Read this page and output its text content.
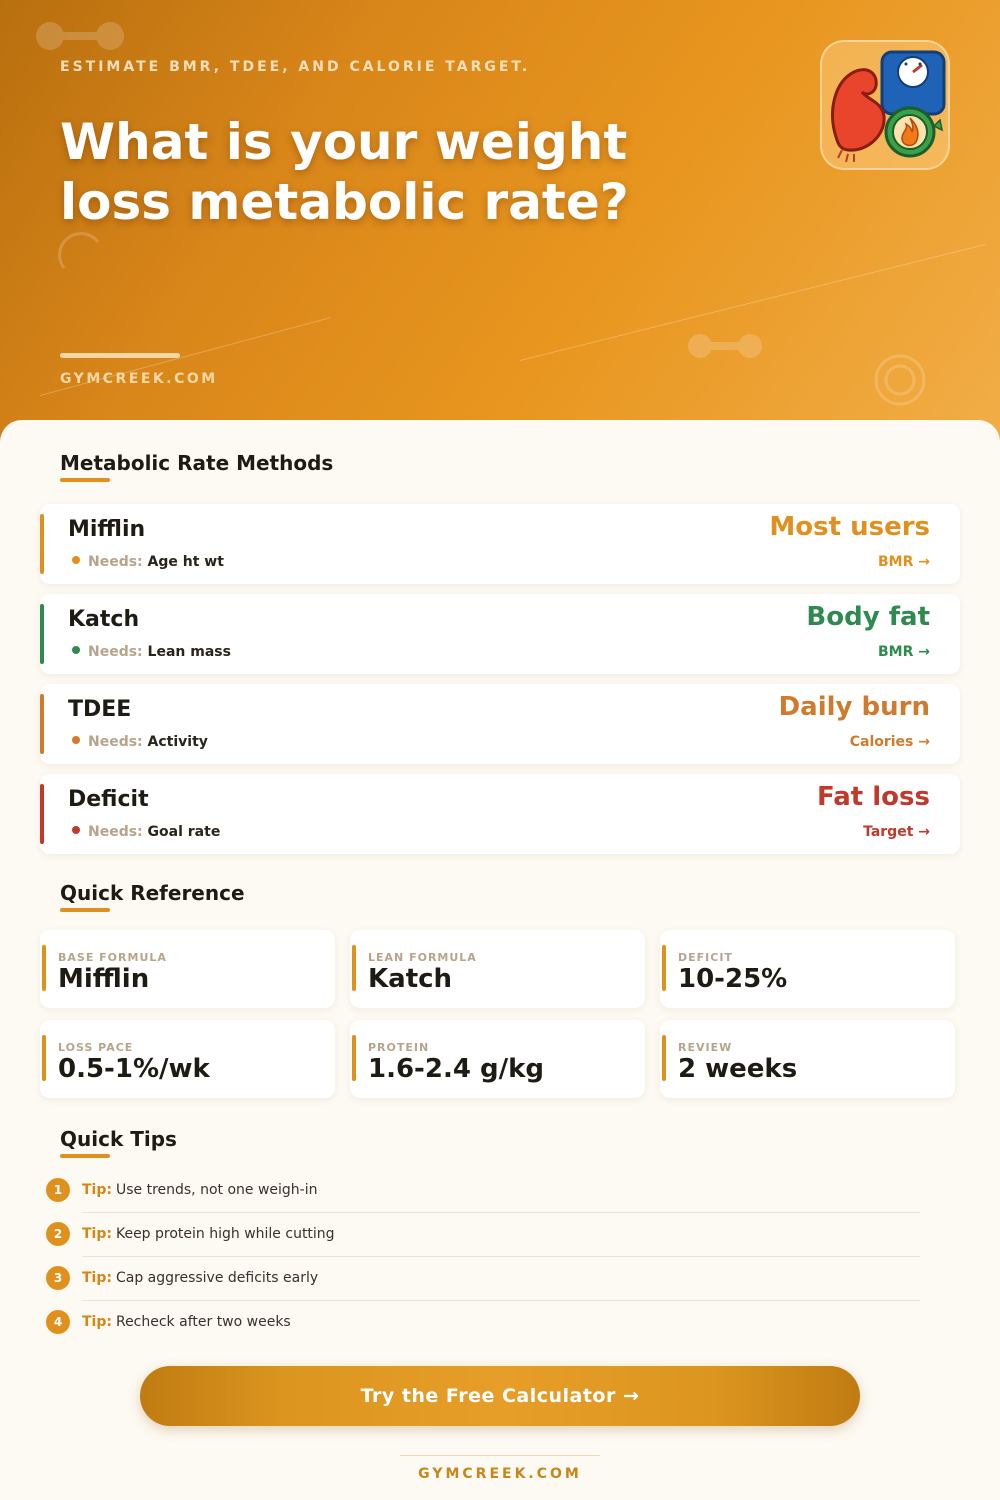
ESTIMATE BMR, TDEE, AND CALORIE TARGET.
What is your weight loss metabolic rate?
GYMCREEK.COM
Metabolic Rate Methods
Mifflin
Needs: Age ht wt
Most users
BMR →
Katch
Needs: Lean mass
Body fat
BMR →
TDEE
Needs: Activity
Daily burn
Calories →
Deficit
Needs: Goal rate
Fat loss
Target →
Quick Reference
BASE FORMULA
Mifflin
LEAN FORMULA
Katch
DEFICIT
10-25%
LOSS PACE
0.5-1%/wk
PROTEIN
1.6-2.4 g/kg
REVIEW
2 weeks
Quick Tips
1	Tip: Use trends, not one weigh-in
2	Tip: Keep protein high while cutting
3	Tip: Cap aggressive deficits early
4	Tip: Recheck after two weeks
Try the Free Calculator →
GYMCREEK.COM
